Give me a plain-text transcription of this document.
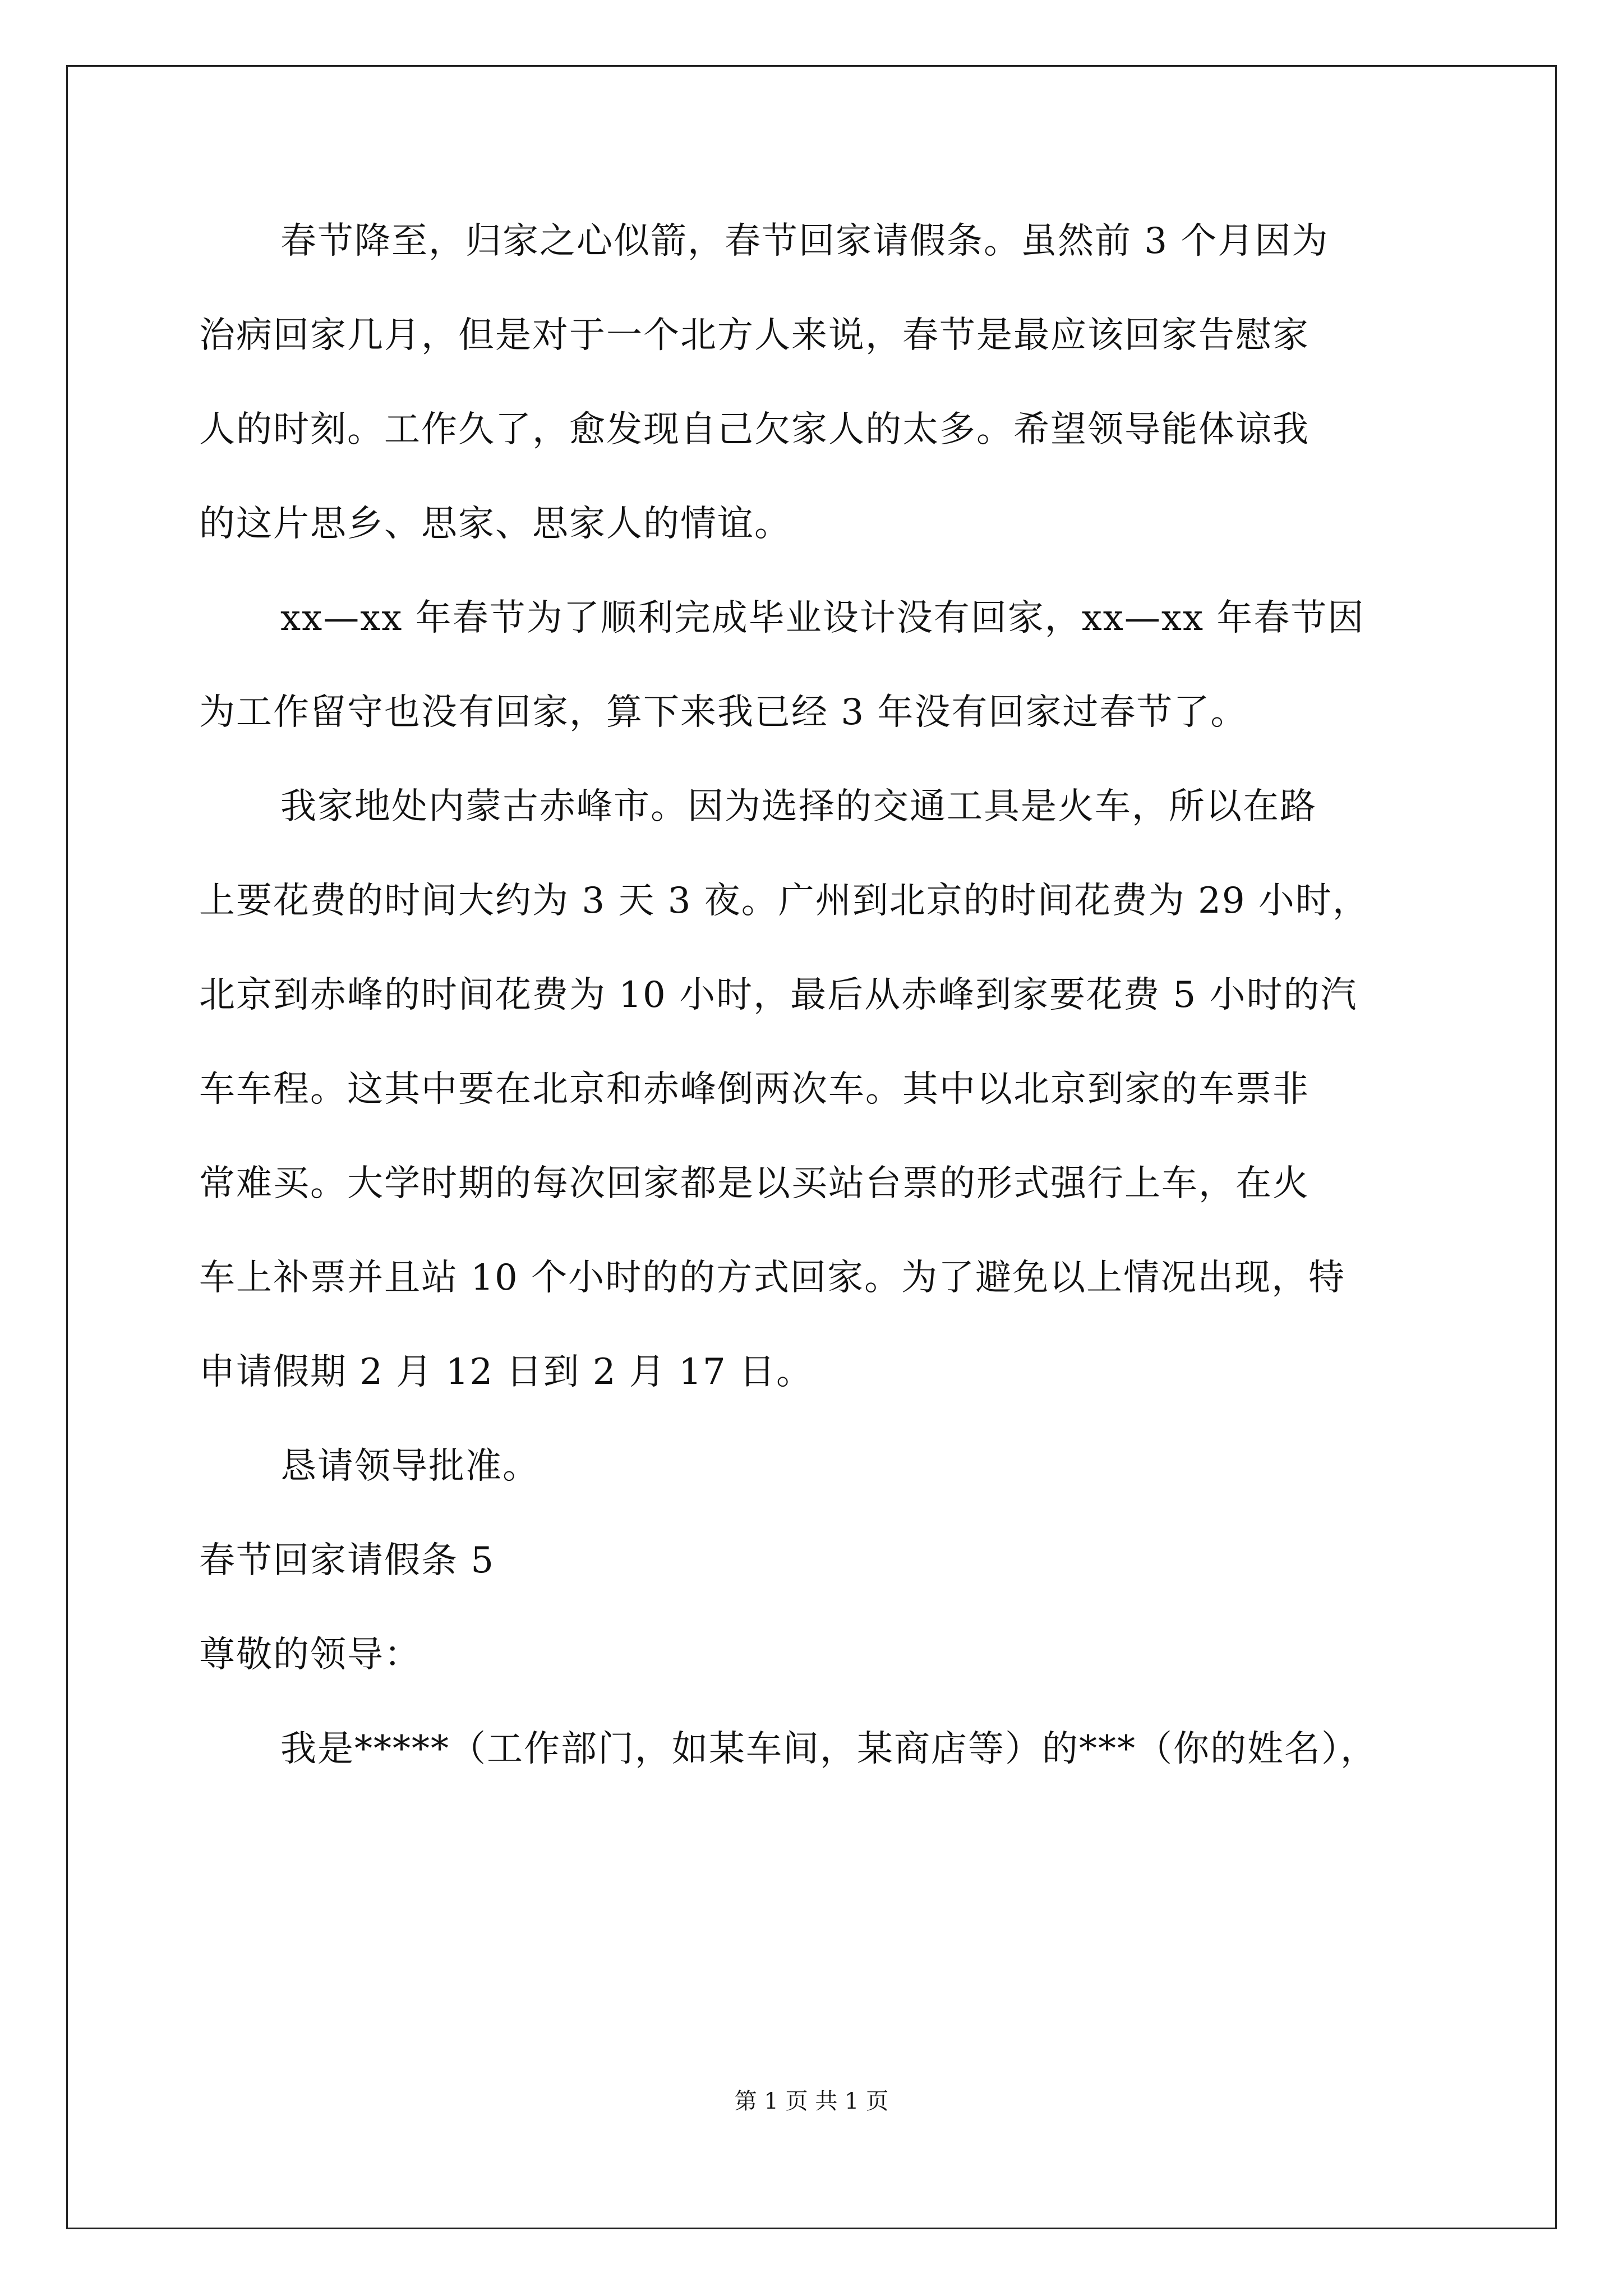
春节降至，归家之心似箭，春节回家请假条。虽然前 3 个月因为
治病回家几月，但是对于一个北方人来说，春节是最应该回家告慰家
人的时刻。工作久了，愈发现自己欠家人的太多。希望领导能体谅我
的这片思乡、思家、思家人的情谊。
xx—xx 年春节为了顺利完成毕业设计没有回家，xx—xx 年春节因
为工作留守也没有回家，算下来我已经 3 年没有回家过春节了。
我家地处内蒙古赤峰市。因为选择的交通工具是火车，所以在路
上要花费的时间大约为 3 天 3 夜。广州到北京的时间花费为 29 小时，
北京到赤峰的时间花费为 10 小时，最后从赤峰到家要花费 5 小时的汽
车车程。这其中要在北京和赤峰倒两次车。其中以北京到家的车票非
常难买。大学时期的每次回家都是以买站台票的形式强行上车，在火
车上补票并且站 10 个小时的的方式回家。为了避免以上情况出现，特
申请假期 2 月 12 日到 2 月 17 日。
恳请领导批准。
春节回家请假条 5
尊敬的领导：
我是*****（工作部门，如某车间，某商店等）的***（你的姓名），
第 1 页 共 1 页
